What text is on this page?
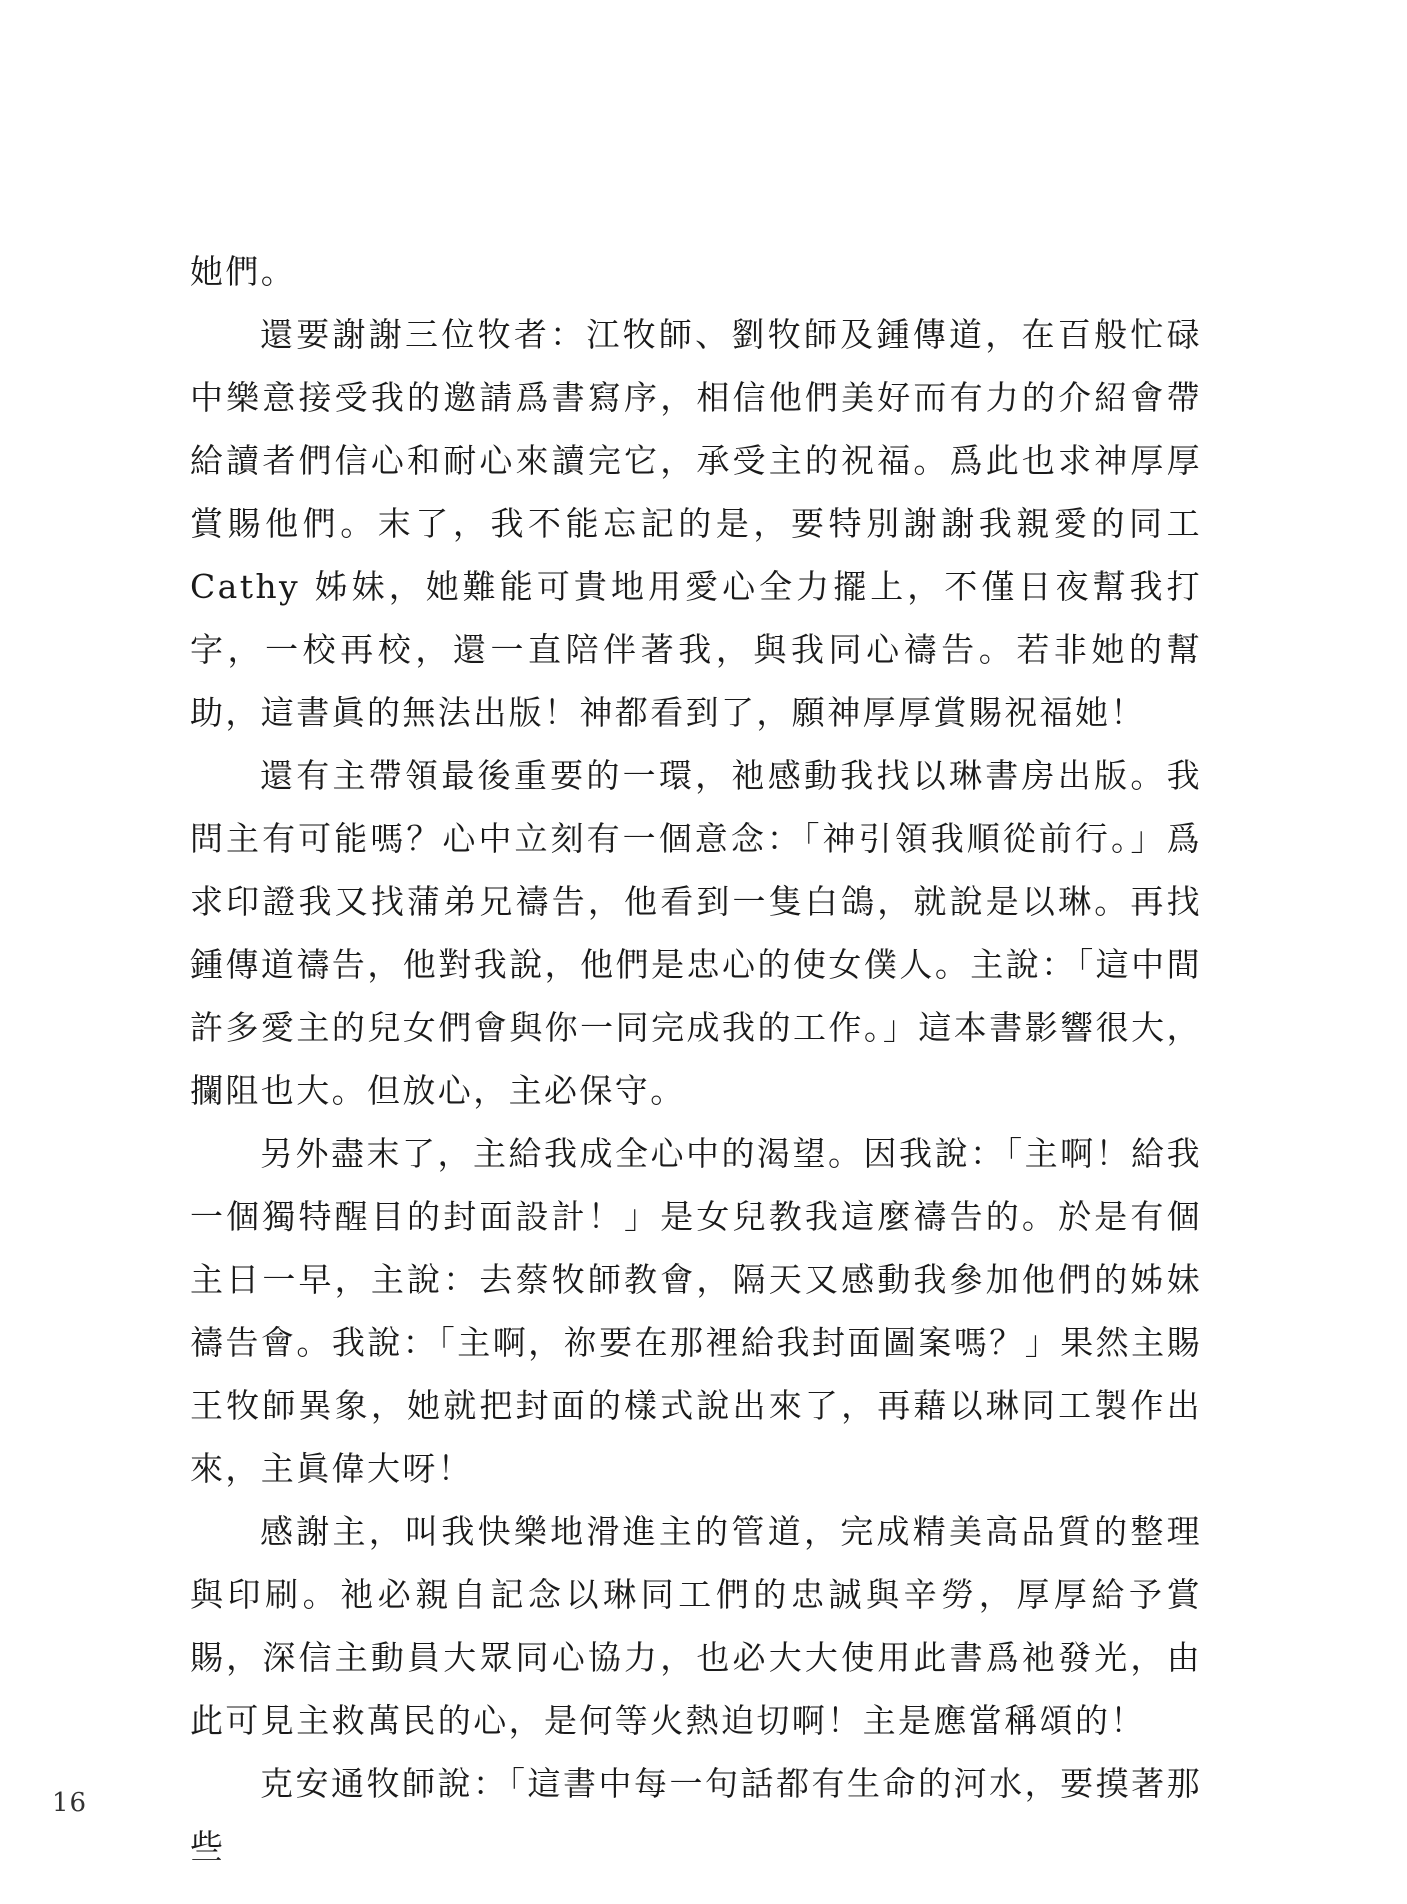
她們。

還要謝謝三位牧者：江牧師、劉牧師及鍾傳道，在百般忙碌中樂意接受我的邀請爲書寫序，相信他們美好而有力的介紹會帶給讀者們信心和耐心來讀完它，承受主的祝福。爲此也求神厚厚賞賜他們。末了，我不能忘記的是，要特別謝謝我親愛的同工 Cathy 姊妹，她難能可貴地用愛心全力擺上，不僅日夜幫我打字，一校再校，還一直陪伴著我，與我同心禱告。若非她的幫助，這書眞的無法出版！神都看到了，願神厚厚賞賜祝福她！

還有主帶領最後重要的一環，祂感動我找以琳書房出版。我問主有可能嗎？心中立刻有一個意念：「神引領我順從前行。」爲求印證我又找蒲弟兄禱告，他看到一隻白鴿，就說是以琳。再找鍾傳道禱告，他對我說，他們是忠心的使女僕人。主說：「這中間許多愛主的兒女們會與你一同完成我的工作。」這本書影響很大，攔阻也大。但放心，主必保守。

另外盡末了，主給我成全心中的渴望。因我說：「主啊！給我一個獨特醒目的封面設計！」是女兒教我這麼禱告的。於是有個主日一早，主說：去蔡牧師教會，隔天又感動我參加他們的姊妹禱告會。我說：「主啊，祢要在那裡給我封面圖案嗎？」果然主賜王牧師異象，她就把封面的樣式說出來了，再藉以琳同工製作出來，主眞偉大呀！

感謝主，叫我快樂地滑進主的管道，完成精美高品質的整理與印刷。祂必親自記念以琳同工們的忠誠與辛勞，厚厚給予賞賜，深信主動員大眾同心協力，也必大大使用此書爲祂發光，由此可見主救萬民的心，是何等火熱迫切啊！主是應當稱頌的！

克安通牧師說：「這書中每一句話都有生命的河水，要摸著那些

16
